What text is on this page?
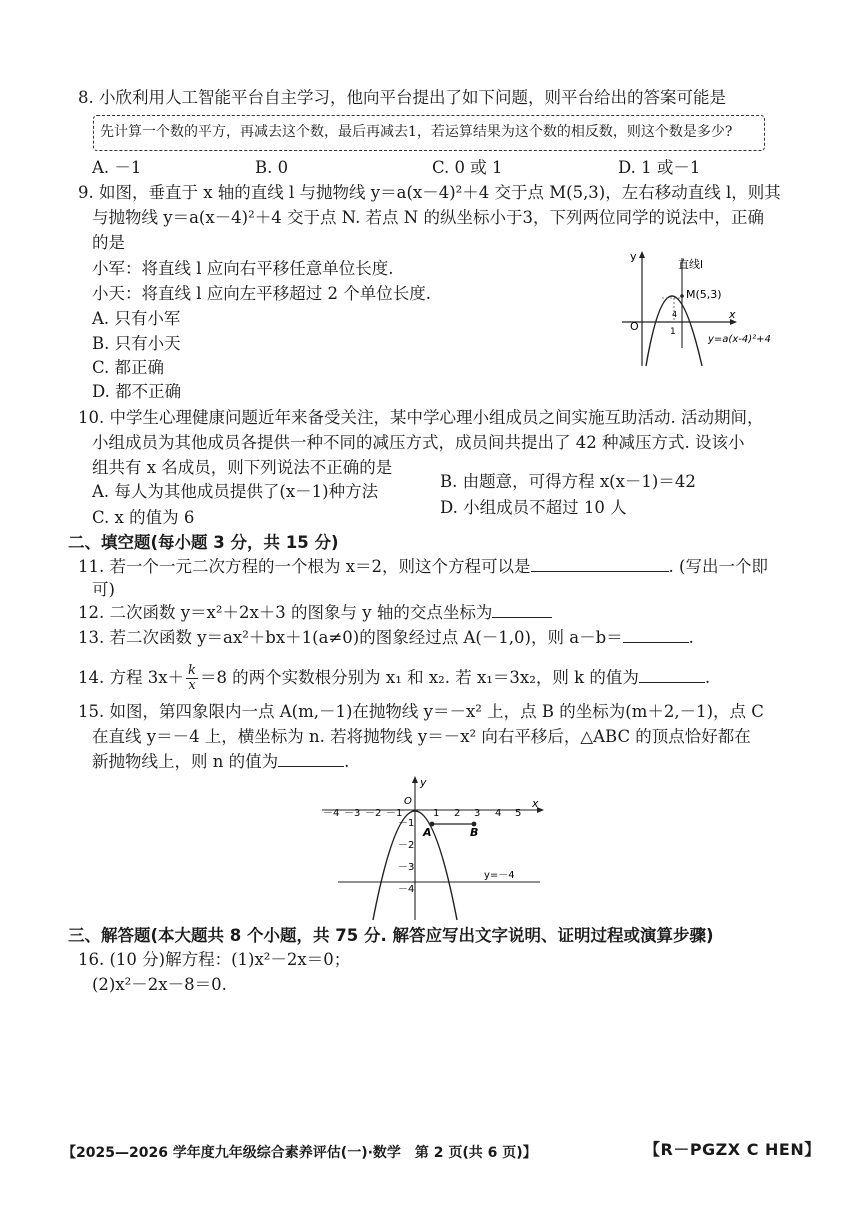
8. 小欣利用人工智能平台自主学习，他向平台提出了如下问题，则平台给出的答案可能是
先计算一个数的平方，再减去这个数，最后再减去1，若运算结果为这个数的相反数，则这个数是多少?
A. －1	B. 0	C. 0 或 1	D. 1 或－1
9. 如图，垂直于 x 轴的直线 l 与抛物线 y＝a(x－4)²＋4 交于点 M(5,3)，左右移动直线 l，则其
与抛物线 y＝a(x－4)²＋4 交于点 N. 若点 N 的纵坐标小于3，下列两位同学的说法中，正确
的是
小军：将直线 l 应向右平移任意单位长度.
小天：将直线 l 应向左平移超过 2 个单位长度.
A. 只有小军
B. 只有小天
C. 都正确
D. 都不正确
y
x
O
直线l
M(5,3)
4
1
y=a(x-4)²+4
10. 中学生心理健康问题近年来备受关注，某中学心理小组成员之间实施互助活动. 活动期间，
小组成员为其他成员各提供一种不同的减压方式，成员间共提出了 42 种减压方式. 设该小
组共有 x 名成员，则下列说法不正确的是
A. 每人为其他成员提供了(x－1)种方法
B. 由题意，可得方程 x(x－1)＝42
C. x 的值为 6
D. 小组成员不超过 10 人
二、填空题(每小题 3 分，共 15 分)
11. 若一个一元二次方程的一个根为 x＝2，则这个方程可以是	. (写出一个即
可)
12. 二次函数 y＝x²＋2x＋3 的图象与 y 轴的交点坐标为
13. 若二次函数 y＝ax²＋bx＋1(a≠0)的图象经过点 A(－1,0)，则 a－b＝	.
14. 方程 $3x+ \frac{k}{x} =8$ 的两个实数根分别为 x₁ 和 x₂. 若 x₁＝3x₂，则 k 的值为	.
15. 如图，第四象限内一点 A(m,－1)在抛物线 y＝－x² 上，点 B 的坐标为(m＋2,－1)，点 C
在直线 y＝－4 上，横坐标为 n. 若将抛物线 y＝－x² 向右平移后，△ABC 的顶点恰好都在
新抛物线上，则 n 的值为	.
y
x
O
－4 －3 －2 －1	1 2 3 4 5
－1
－2
－3
－4
y=－4
A	B
三、解答题(本大题共 8 个小题，共 75 分. 解答应写出文字说明、证明过程或演算步骤)
16. (10 分)解方程：(1)x²－2x＝0；
(2)x²－2x－8＝0.
【2025—2026 学年度九年级综合素养评估(一)·数学　第 2 页(共 6 页)】	【R－PGZX C HEN】
